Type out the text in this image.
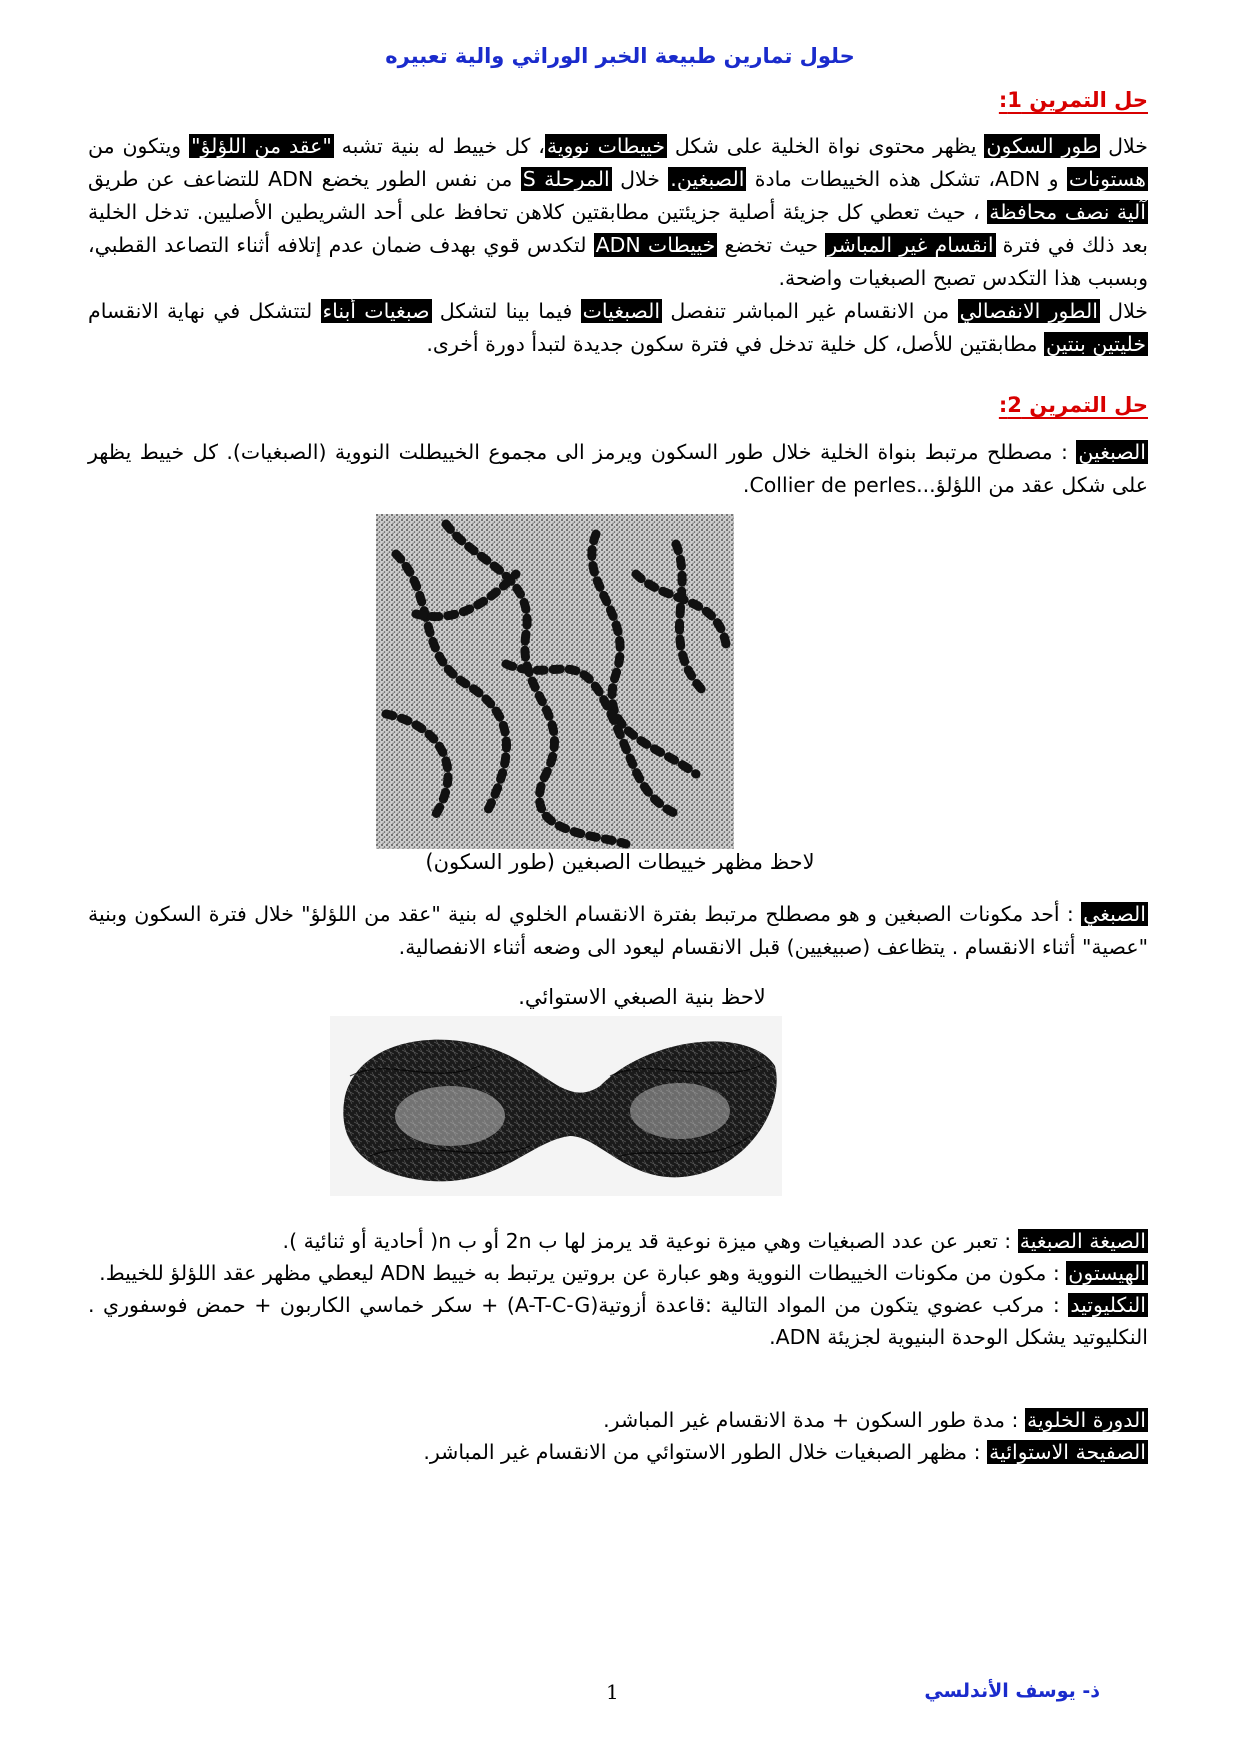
حلول تمارين طبيعة الخبر الوراثي والية تعبيره
حل التمرين 1:

خلال طور السكون يظهر محتوى نواة الخلية على شكل خييطات نووية، كل خييط له بنية تشبه "عقد من اللؤلؤ" ويتكون من هستونات و ADN، تشكل هذه الخييطات مادة الصبغين. خلال المرحلة S من نفس الطور يخضع ADN للتضاعف عن طريق آلية نصف محافظة ، حيث تعطي كل جزيئة أصلية جزيئتين مطابقتين كلاهن تحافظ على أحد الشريطين الأصليين. تدخل الخلية بعد ذلك في فترة انقسام غير المباشر حيث تخضع خييطات ADN لتكدس قوي بهدف ضمان عدم إتلافه أثناء التصاعد القطبي، وبسبب هذا التكدس تصبح الصبغيات واضحة.

خلال الطور الانفصالي من الانقسام غير المباشر تنفصل الصبغيات فيما بينا لتشكل صبغيات أبناء لتتشكل في نهاية الانقسام خليتين بنتين مطابقتين للأصل، كل خلية تدخل في فترة سكون جديدة لتبدأ دورة أخرى.

حل التمرين 2:
الصبغين : مصطلح مرتبط بنواة الخلية خلال طور السكون ويرمز الى مجموع الخييطلت النووية (الصبغيات). كل خييط يظهر على شكل عقد من اللؤلؤ...Collier de perles.
لاحظ مظهر خييطات الصبغين (طور السكون)
الصبغي : أحد مكونات الصبغين و هو مصطلح مرتبط بفترة الانقسام الخلوي له بنية "عقد من اللؤلؤ" خلال فترة السكون وبنية "عصية" أثناء الانقسام . يتظاعف (صبيغيين) قبل الانقسام ليعود الى وضعه أثناء الانفصالية.
لاحظ بنية الصبغي الاستوائي.

الصيغة الصبغية : تعبر عن عدد الصبغيات وهي ميزة نوعية قد يرمز لها ب 2n أو ب n( أحادية أو ثنائية ).

الهيستون : مكون من مكونات الخييطات النووية وهو عبارة عن بروتين يرتبط به خييط ADN ليعطي مظهر عقد اللؤلؤ للخييط.

النكليوتيد : مركب عضوي يتكون من المواد التالية :قاعدة أزوتية(A-T-C-G) + سكر خماسي الكاربون + حمض فوسفوري . النكليوتيد يشكل الوحدة البنيوية لجزيئة ADN.

الدورة الخلوية : مدة طور السكون + مدة الانقسام غير المباشر.

الصفيحة الاستوائية : مظهر الصبغيات خلال الطور الاستوائي من الانقسام غير المباشر.

1	ذ- يوسف الأندلسي
